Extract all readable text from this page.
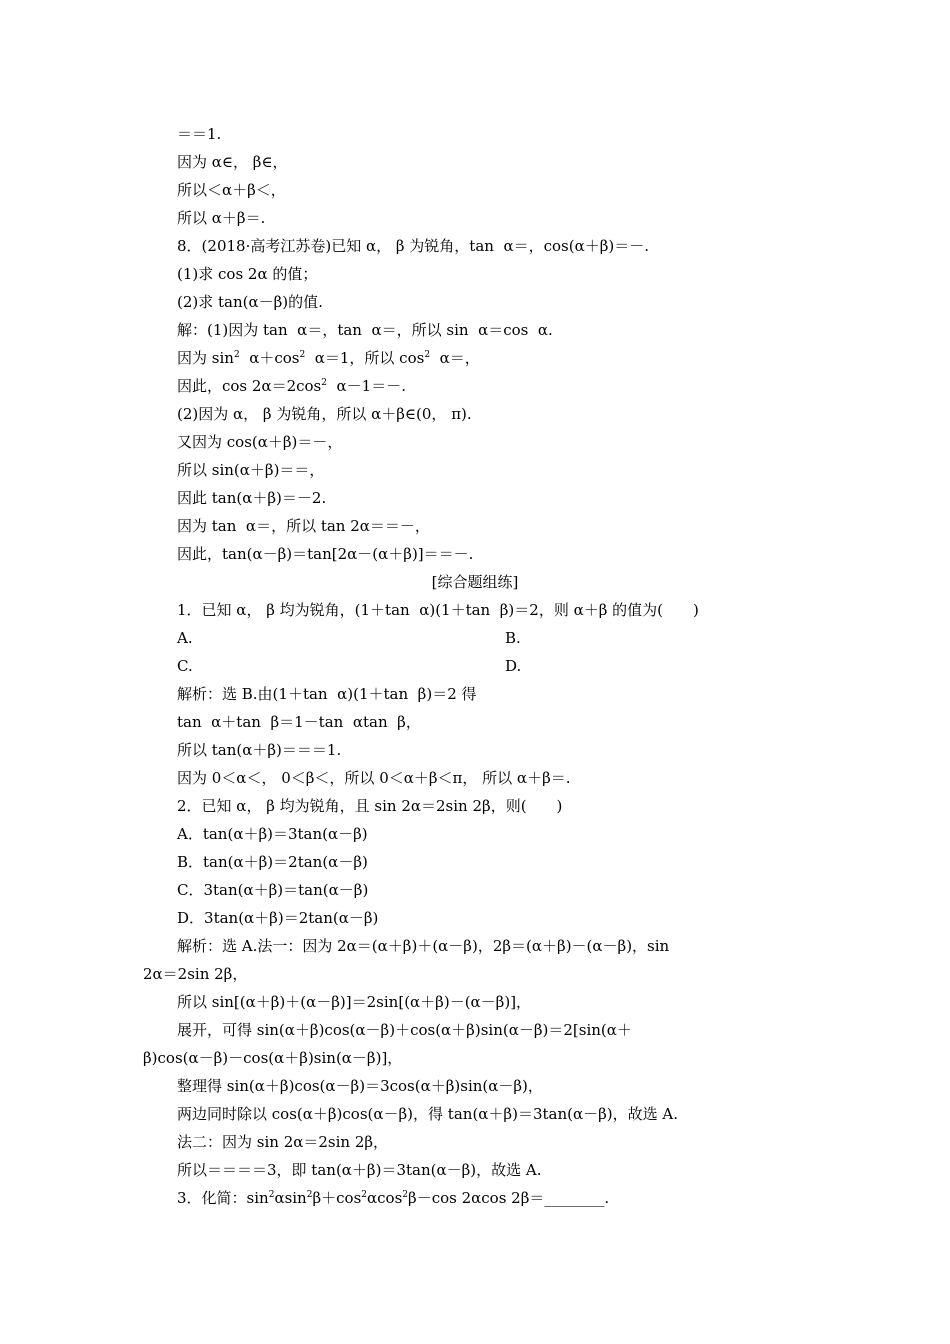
＝＝1.
因为 α∈， β∈，
所以＜α＋β＜，
所以 α＋β＝.
8．(2018·高考江苏卷)已知 α， β 为锐角，tan  α＝，cos(α＋β)＝－.
(1)求 cos 2α 的值；
(2)求 tan(α－β)的值.
解：(1)因为 tan  α＝，tan  α＝，所以 sin  α＝cos  α.
因为 $\sin^2 \alpha+\cos^2$  α＝1，所以 $\cos^2 \alpha=$，
因此，$\cos 2\alpha=2\cos^2$  α－1＝－.
(2)因为 α， β 为锐角，所以 α＋β∈(0， π).
又因为 cos(α＋β)＝－，
所以 sin(α＋β)＝＝，
因此 tan(α＋β)＝－2.
因为 tan  α＝，所以 tan 2α＝＝－，
因此，tan(α－β)＝tan[2α－(α＋β)]＝＝－.
[综合题组练]
1．已知 α， β 均为锐角，(1＋tan  α)(1＋tan  β)＝2，则 α＋β 的值为(　　)
A.	B.
C.	D.
解析：选 B.由(1＋tan  α)(1＋tan  β)＝2 得
tan  α＋tan  β＝1－tan  αtan  β，
所以 tan(α＋β)＝＝＝1.
因为 0＜α＜， 0＜β＜，所以 0＜α＋β＜π， 所以 α＋β＝.
2．已知 α， β 均为锐角，且 sin 2α＝2sin 2β，则(　　)
A．tan(α＋β)＝3tan(α－β)
B．tan(α＋β)＝2tan(α－β)
C．3tan(α＋β)＝tan(α－β)
D．3tan(α＋β)＝2tan(α－β)
解析：选 A.法一：因为 2α＝(α＋β)＋(α－β)，2β＝(α＋β)－(α－β)，sin
2α＝2sin 2β，
所以 sin[(α＋β)＋(α－β)]＝2sin[(α＋β)－(α－β)]，
展开，可得 sin(α＋β)cos(α－β)＋cos(α＋β)sin(α－β)＝2[sin(α＋
β)cos(α－β)－cos(α＋β)sin(α－β)]，
整理得 sin(α＋β)cos(α－β)＝3cos(α＋β)sin(α－β)，
两边同时除以 cos(α＋β)cos(α－β)，得 tan(α＋β)＝3tan(α－β)，故选 A.
法二：因为 sin 2α＝2sin 2β，
所以＝＝＝＝3，即 tan(α＋β)＝3tan(α－β)，故选 A.
3．化简：$\sin^2\alpha\sin^2\beta+\cos^2\alpha\cos^2\beta-\cos$ 2αcos 2β＝________.
